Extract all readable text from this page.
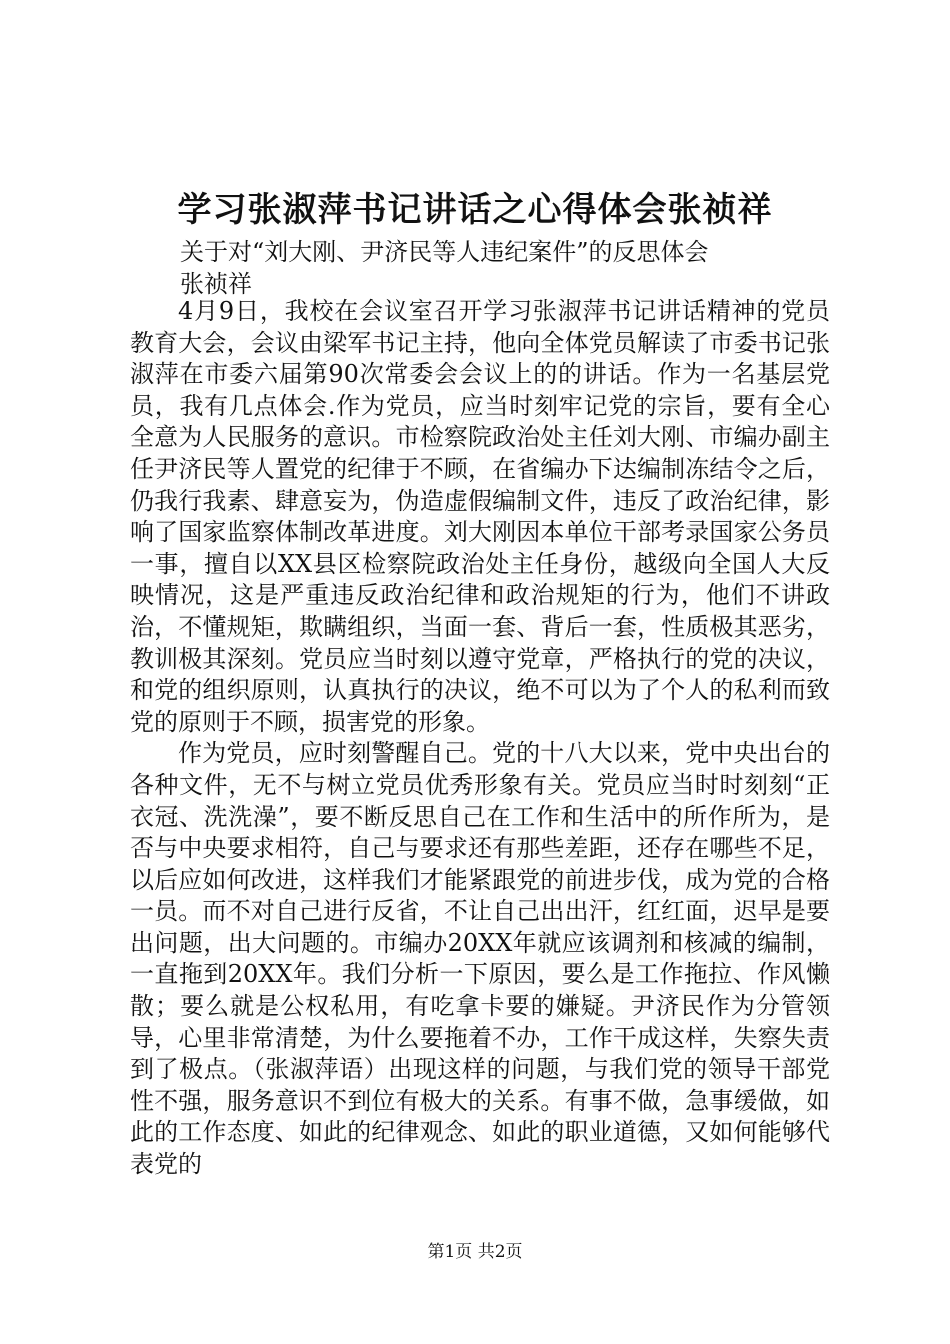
学习张淑萍书记讲话之心得体会张祯祥
关于对“刘大刚、尹济民等人违纪案件”的反思体会
张祯祥

4月9日，我校在会议室召开学习张淑萍书记讲话精神的党员教育大会，会议由梁军书记主持，他向全体党员解读了市委书记张淑萍在市委六届第90次常委会会议上的的讲话。作为一名基层党员，我有几点体会.作为党员，应当时刻牢记党的宗旨，要有全心全意为人民服务的意识。市检察院政治处主任刘大刚、市编办副主任尹济民等人置党的纪律于不顾，在省编办下达编制冻结令之后，仍我行我素、肆意妄为，伪造虚假编制文件，违反了政治纪律，影响了国家监察体制改革进度。刘大刚因本单位干部考录国家公务员一事，擅自以XX县区检察院政治处主任身份，越级向全国人大反映情况，这是严重违反政治纪律和政治规矩的行为，他们不讲政治，不懂规矩，欺瞒组织，当面一套、背后一套，性质极其恶劣，教训极其深刻。党员应当时刻以遵守党章，严格执行的党的决议，和党的组织原则，认真执行的决议，绝不可以为了个人的私利而致党的原则于不顾，损害党的形象。

作为党员，应时刻警醒自己。党的十八大以来，党中央出台的各种文件，无不与树立党员优秀形象有关。党员应当时时刻刻“正衣冠、洗洗澡”，要不断反思自己在工作和生活中的所作所为，是否与中央要求相符，自己与要求还有那些差距，还存在哪些不足，以后应如何改进，这样我们才能紧跟党的前进步伐，成为党的合格一员。而不对自己进行反省，不让自己出出汗，红红面，迟早是要出问题，出大问题的。市编办20XX年就应该调剂和核减的编制，一直拖到20XX年。我们分析一下原因，要么是工作拖拉、作风懒散；要么就是公权私用，有吃拿卡要的嫌疑。尹济民作为分管领导，心里非常清楚，为什么要拖着不办，工作干成这样，失察失责到了极点。（张淑萍语）出现这样的问题，与我们党的领导干部党性不强，服务意识不到位有极大的关系。有事不做，急事缓做，如此的工作态度、如此的纪律观念、如此的职业道德，又如何能够代表党的

第1页 共2页
